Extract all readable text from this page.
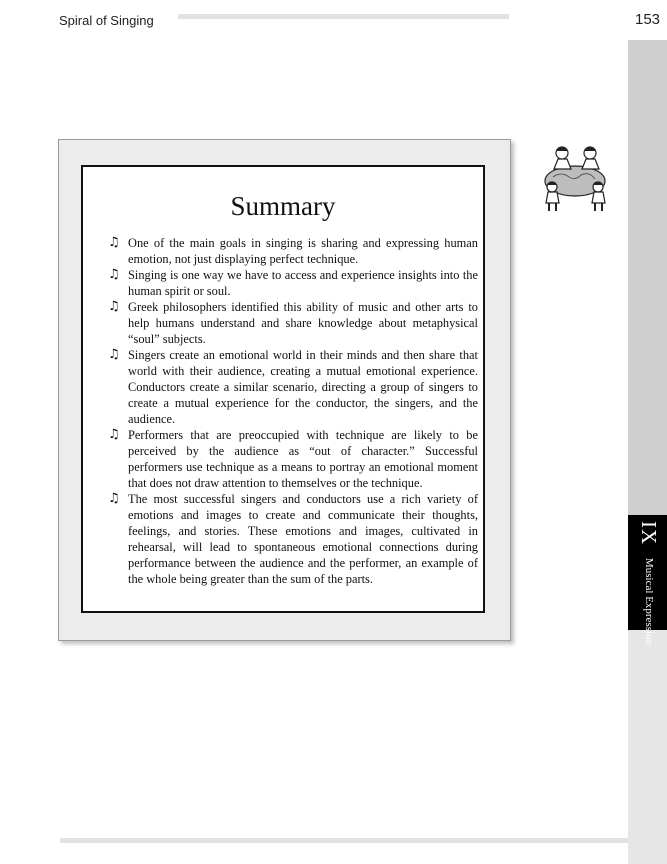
Spiral of Singing	153
IX
Musical Expression
Summary
♫ One of the main goals in singing is sharing and expressing human emotion, not just displaying perfect technique.
♫ Singing is one way we have to access and experience insights into the human spirit or soul.
♫ Greek philosophers identified this ability of music and other arts to help humans understand and share knowledge about metaphysical “soul” subjects.
♫ Singers create an emotional world in their minds and then share that world with their audience, creating a mutual emotional experience. Conductors create a similar scenario, directing a group of singers to create a mutual experience for the conductor, the singers, and the audience.
♫ Performers that are preoccupied with technique are likely to be perceived by the audience as “out of character.” Successful performers use technique as a means to portray an emotional moment that does not draw attention to themselves or the technique.
♫ The most successful singers and conductors use a rich variety of emotions and images to create and communicate their thoughts, feelings, and stories. These emotions and images, cultivated in rehearsal, will lead to spontaneous emotional connections during performance between the audience and the performer, an example of the whole being greater than the sum of the parts.
